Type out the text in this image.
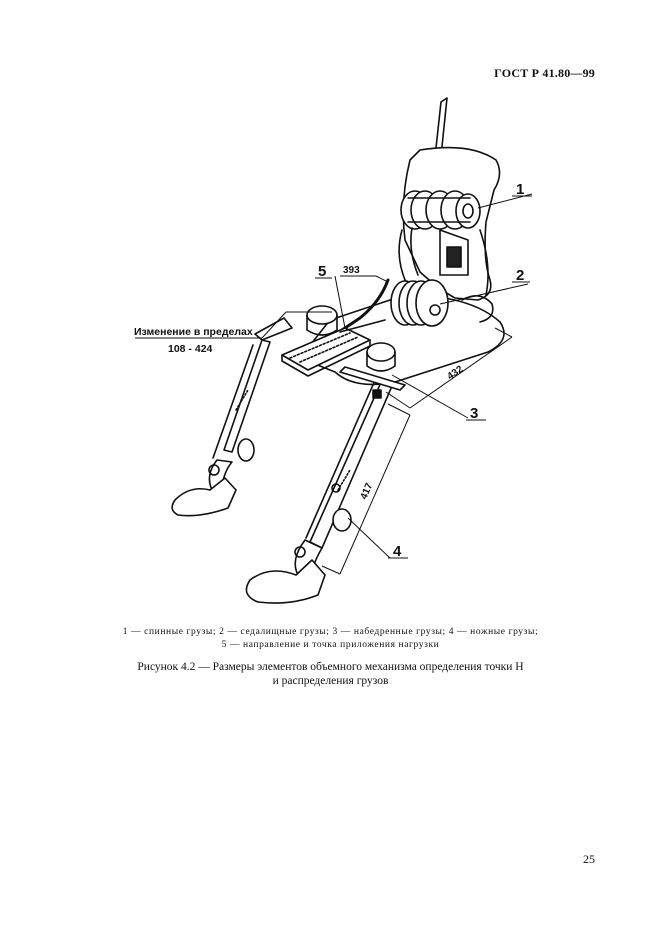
ГОСТ Р 41.80—99
1
2
3
4
5 393
432
417
Изменение в пределах
108 - 424
1 — спинные грузы; 2 — седалищные грузы; 3 — набедренные грузы; 4 — ножные грузы;
5 — направление и точка приложения нагрузки
Рисунок 4.2 — Размеры элементов объемного механизма определения точки H
и распределения грузов
25
